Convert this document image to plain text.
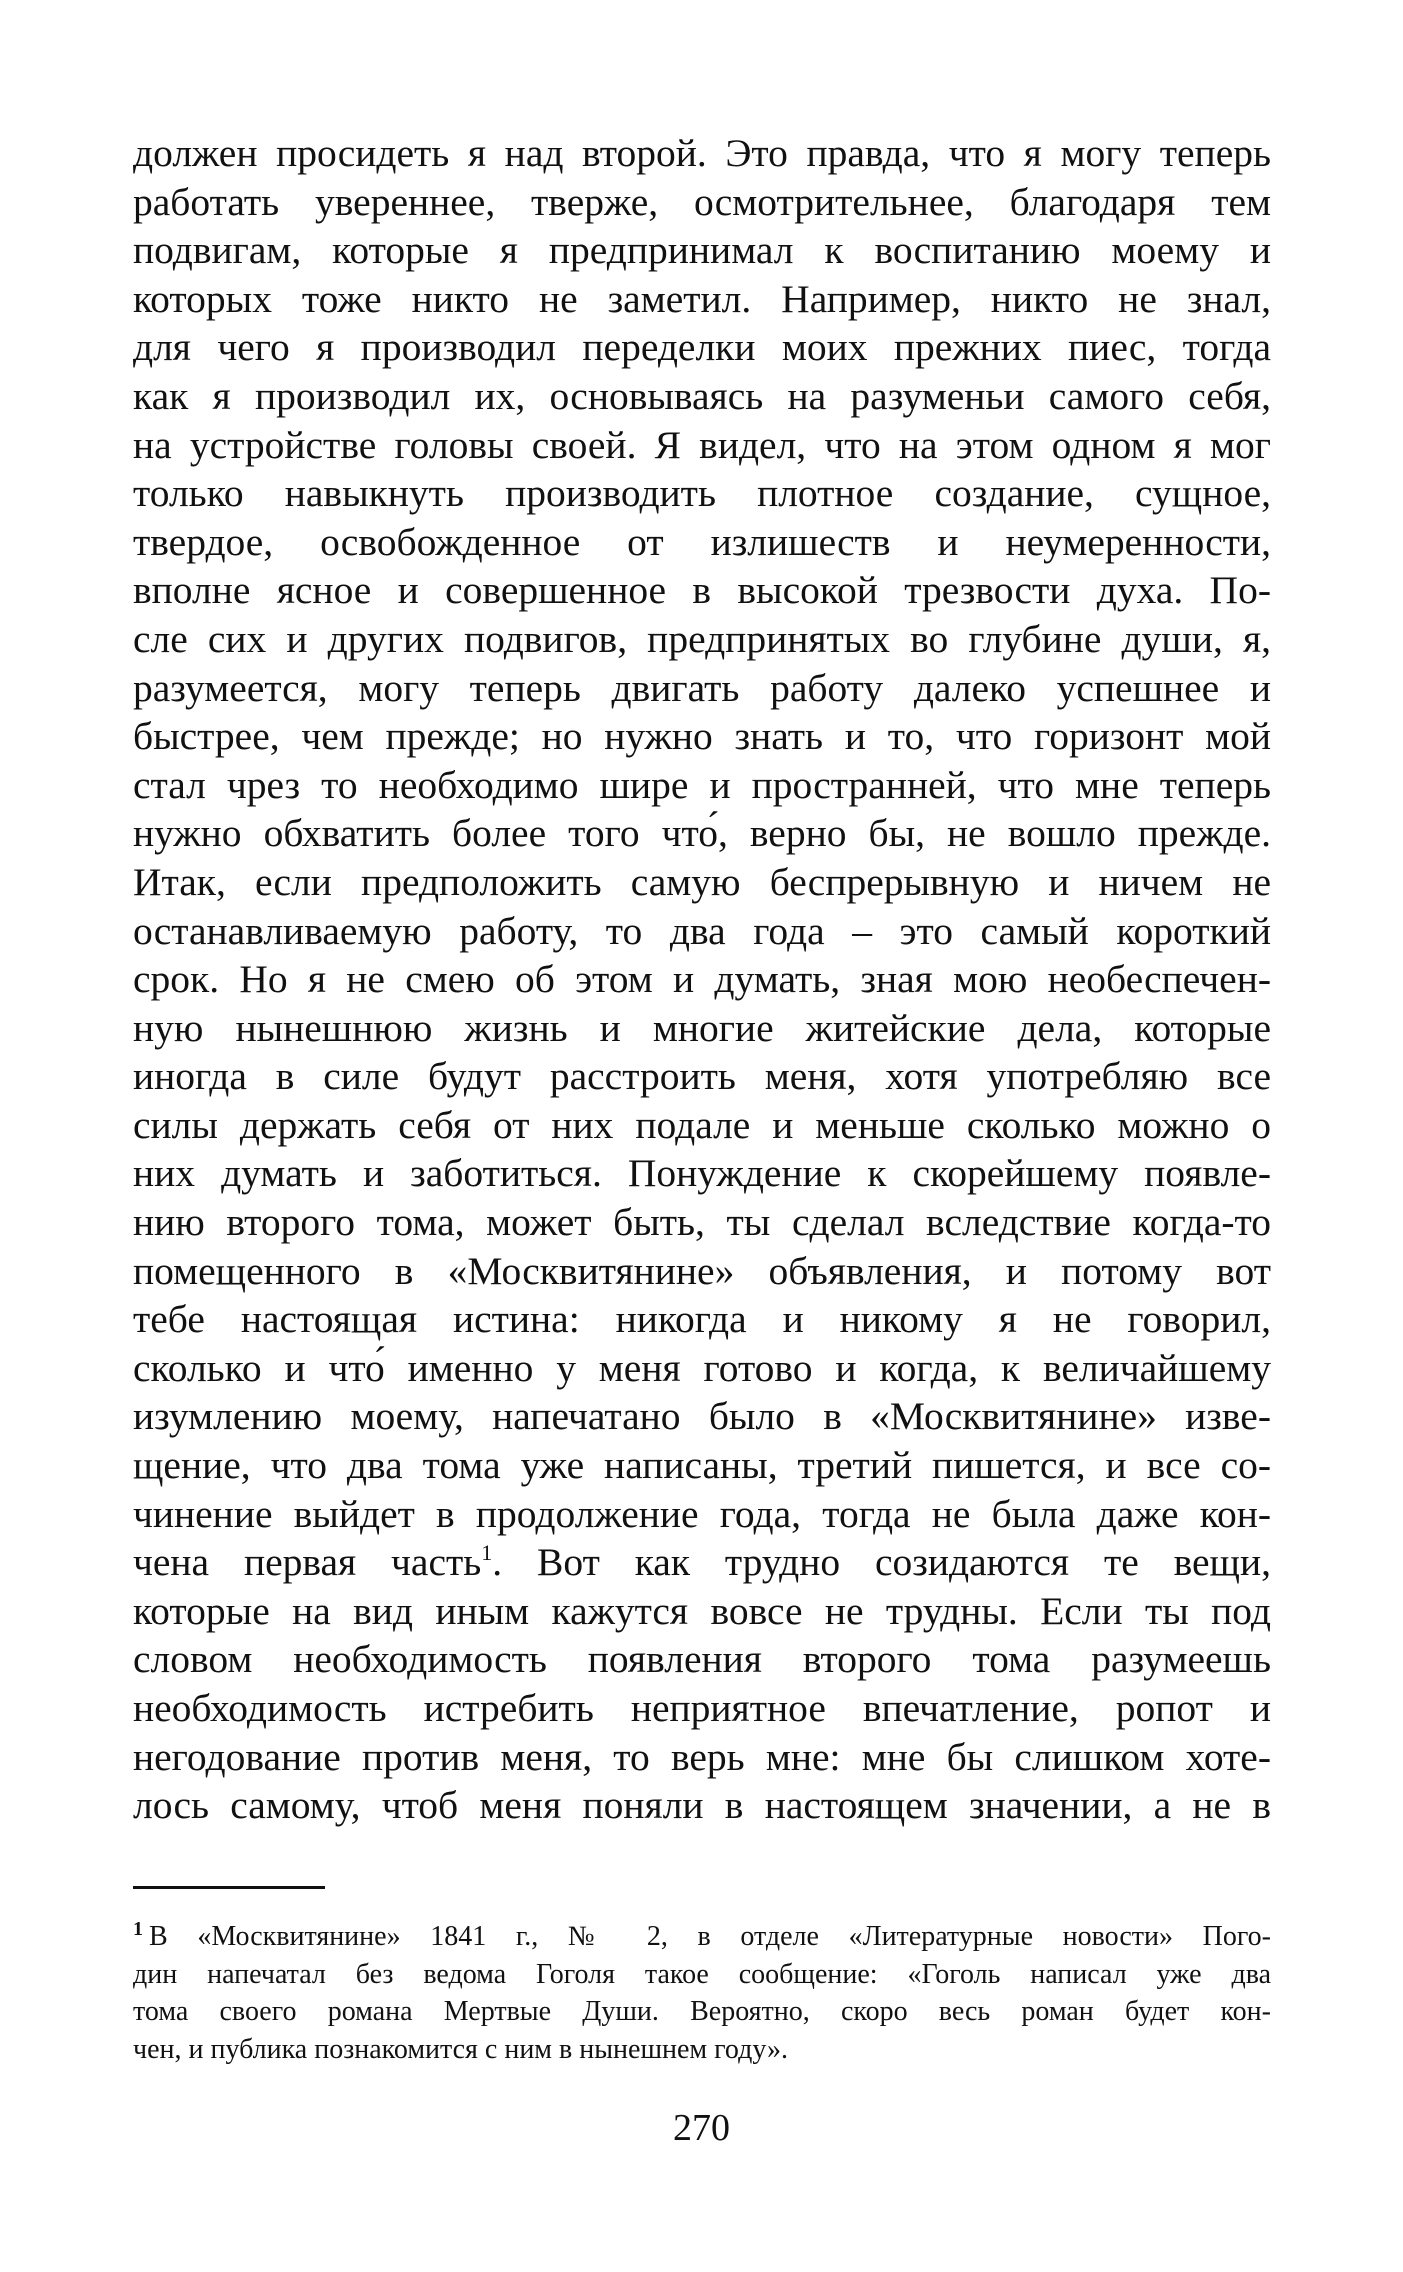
должен просидеть я над второй. Это правда, что я могу теперь
работать увереннее, тверже, осмотрительнее, благодаря тем
подвигам, которые я предпринимал к воспитанию моему и
которых тоже никто не заметил. Например, никто не знал,
для чего я производил переделки моих прежних пиес, тогда
как я производил их, основываясь на разуменьи самого себя,
на устройстве головы своей. Я видел, что на этом одном я мог
только навыкнуть производить плотное создание, сущное,
твердое, освобожденное от излишеств и неумеренности,
вполне ясное и совершенное в высокой трезвости духа. По-
сле сих и других подвигов, предпринятых во глубине души, я,
разумеется, могу теперь двигать работу далеко успешнее и
быстрее, чем прежде; но нужно знать и то, что горизонт мой
стал чрез то необходимо шире и пространней, что мне теперь
нужно обхватить более того что́, верно бы, не вошло прежде.
Итак, если предположить самую беспрерывную и ничем не
останавливаемую работу, то два года – это самый короткий
срок. Но я не смею об этом и думать, зная мою необеспечен-
ную нынешнюю жизнь и многие житейские дела, которые
иногда в силе будут расстроить меня, хотя употребляю все
силы держать себя от них подале и меньше сколько можно о
них думать и заботиться. Понуждение к скорейшему появле-
нию второго тома, может быть, ты сделал вследствие когда-то
помещенного в «Москвитянине» объявления, и потому вот
тебе настоящая истина: никогда и никому я не говорил,
сколько и что́ именно у меня готово и когда, к величайшему
изумлению моему, напечатано было в «Москвитянине» изве-
щение, что два тома уже написаны, третий пишется, и все со-
чинение выйдет в продолжение года, тогда не была даже кон-
чена первая часть$^1$. Вот как трудно созидаются те вещи,
которые на вид иным кажутся вовсе не трудны. Если ты под
словом необходимость появления второго тома разумеешь
необходимость истребить неприятное впечатление, ропот и
негодование против меня, то верь мне: мне бы слишком хоте-
лось самому, чтоб меня поняли в настоящем значении, а не в
$^1$ В «Москвитянине» 1841 г., № 2, в отделе «Литературные новости» Пого-
дин напечатал без ведома Гоголя такое сообщение: «Гоголь написал уже два
тома своего романа Мертвые Души. Вероятно, скоро весь роман будет кон-
чен, и публика познакомится с ним в нынешнем году».
270
